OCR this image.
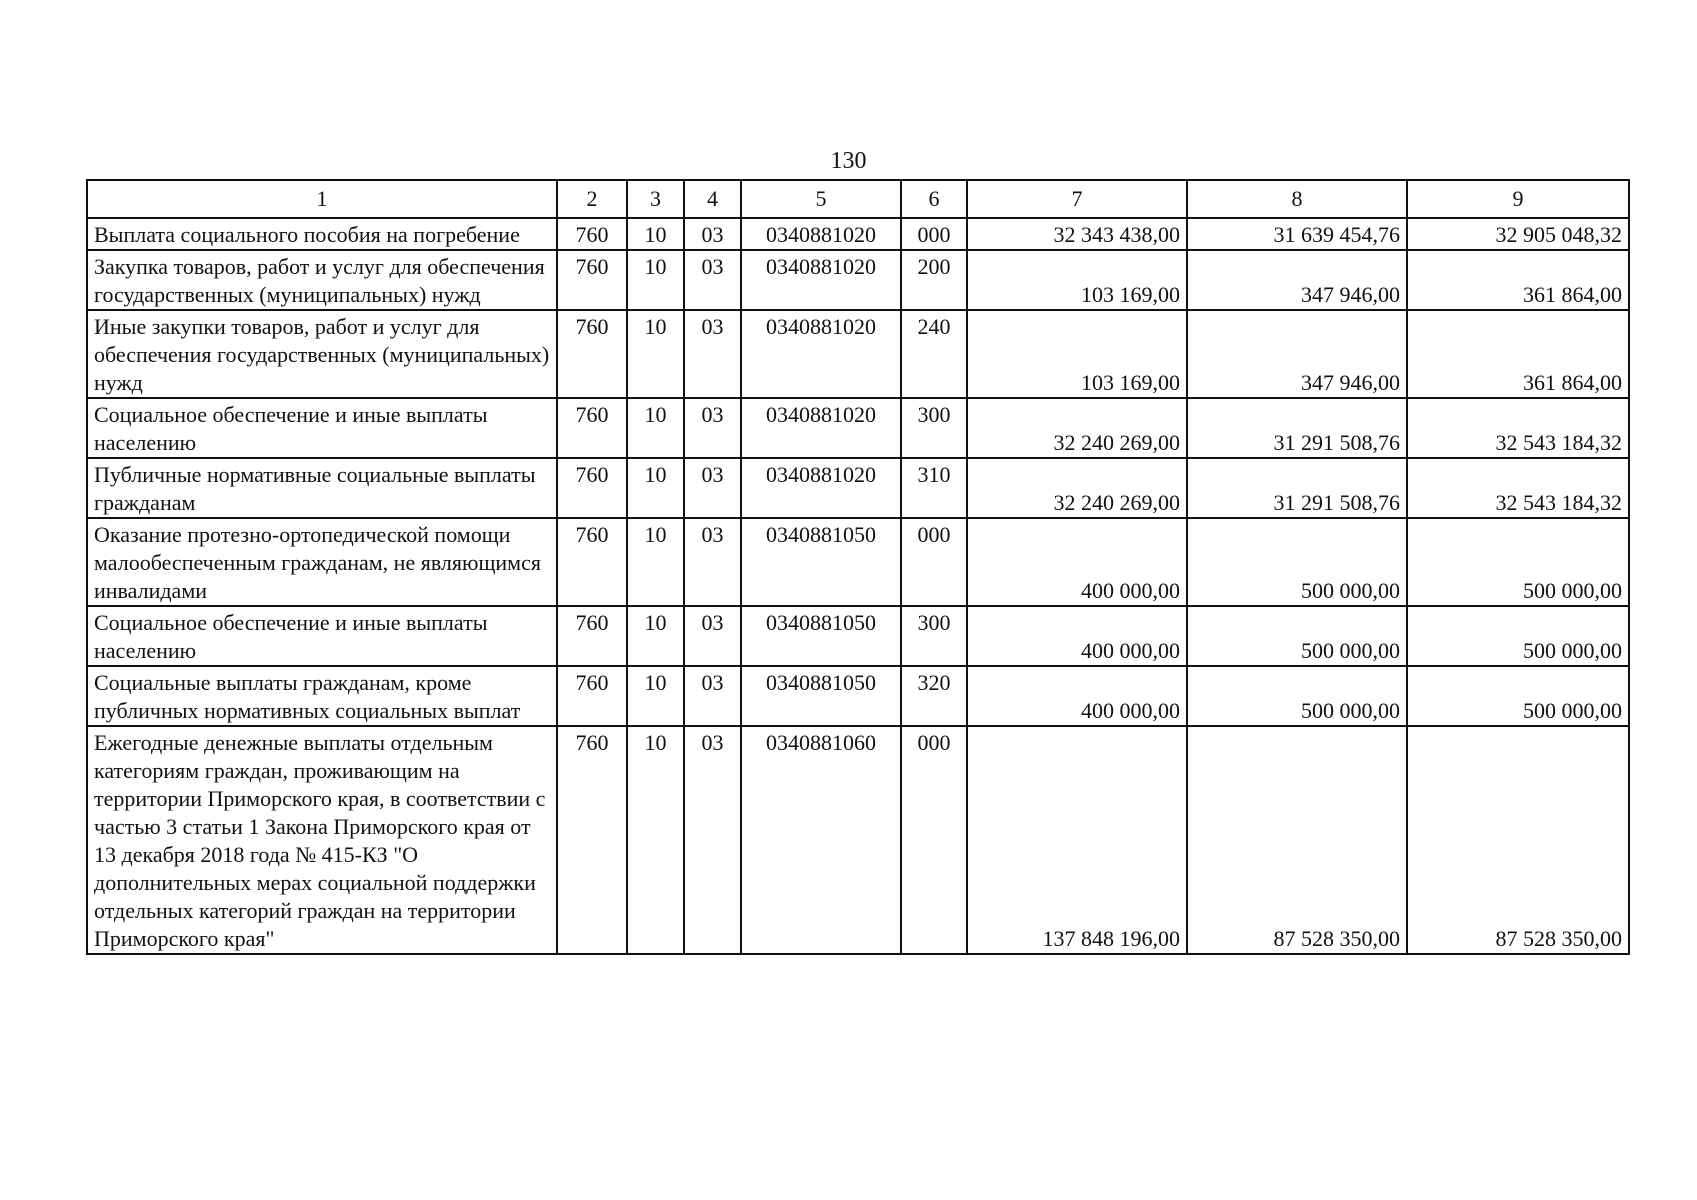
130
1	2	3	4	5	6	7	8	9
Выплата социального пособия на погребение	760	10	03	0340881020	000	32 343 438,00	31 639 454,76	32 905 048,32
Закупка товаров, работ и услуг для обеспечения государственных (муниципальных) нужд	760	10	03	0340881020	200	103 169,00	347 946,00	361 864,00
Иные закупки товаров, работ и услуг для обеспечения государственных (муниципальных) нужд	760	10	03	0340881020	240	103 169,00	347 946,00	361 864,00
Социальное обеспечение и иные выплаты населению	760	10	03	0340881020	300	32 240 269,00	31 291 508,76	32 543 184,32
Публичные нормативные социальные выплаты гражданам	760	10	03	0340881020	310	32 240 269,00	31 291 508,76	32 543 184,32
Оказание протезно-ортопедической помощи малообеспеченным гражданам, не являющимся инвалидами	760	10	03	0340881050	000	400 000,00	500 000,00	500 000,00
Социальное обеспечение и иные выплаты населению	760	10	03	0340881050	300	400 000,00	500 000,00	500 000,00
Социальные выплаты гражданам, кроме публичных нормативных социальных выплат	760	10	03	0340881050	320	400 000,00	500 000,00	500 000,00
Ежегодные денежные выплаты отдельным категориям граждан, проживающим на территории Приморского края, в соответствии с частью 3 статьи 1 Закона Приморского края от 13 декабря 2018 года № 415-КЗ "О дополнительных мерах социальной поддержки отдельных категорий граждан на территории Приморского края"	760	10	03	0340881060	000	137 848 196,00	87 528 350,00	87 528 350,00
